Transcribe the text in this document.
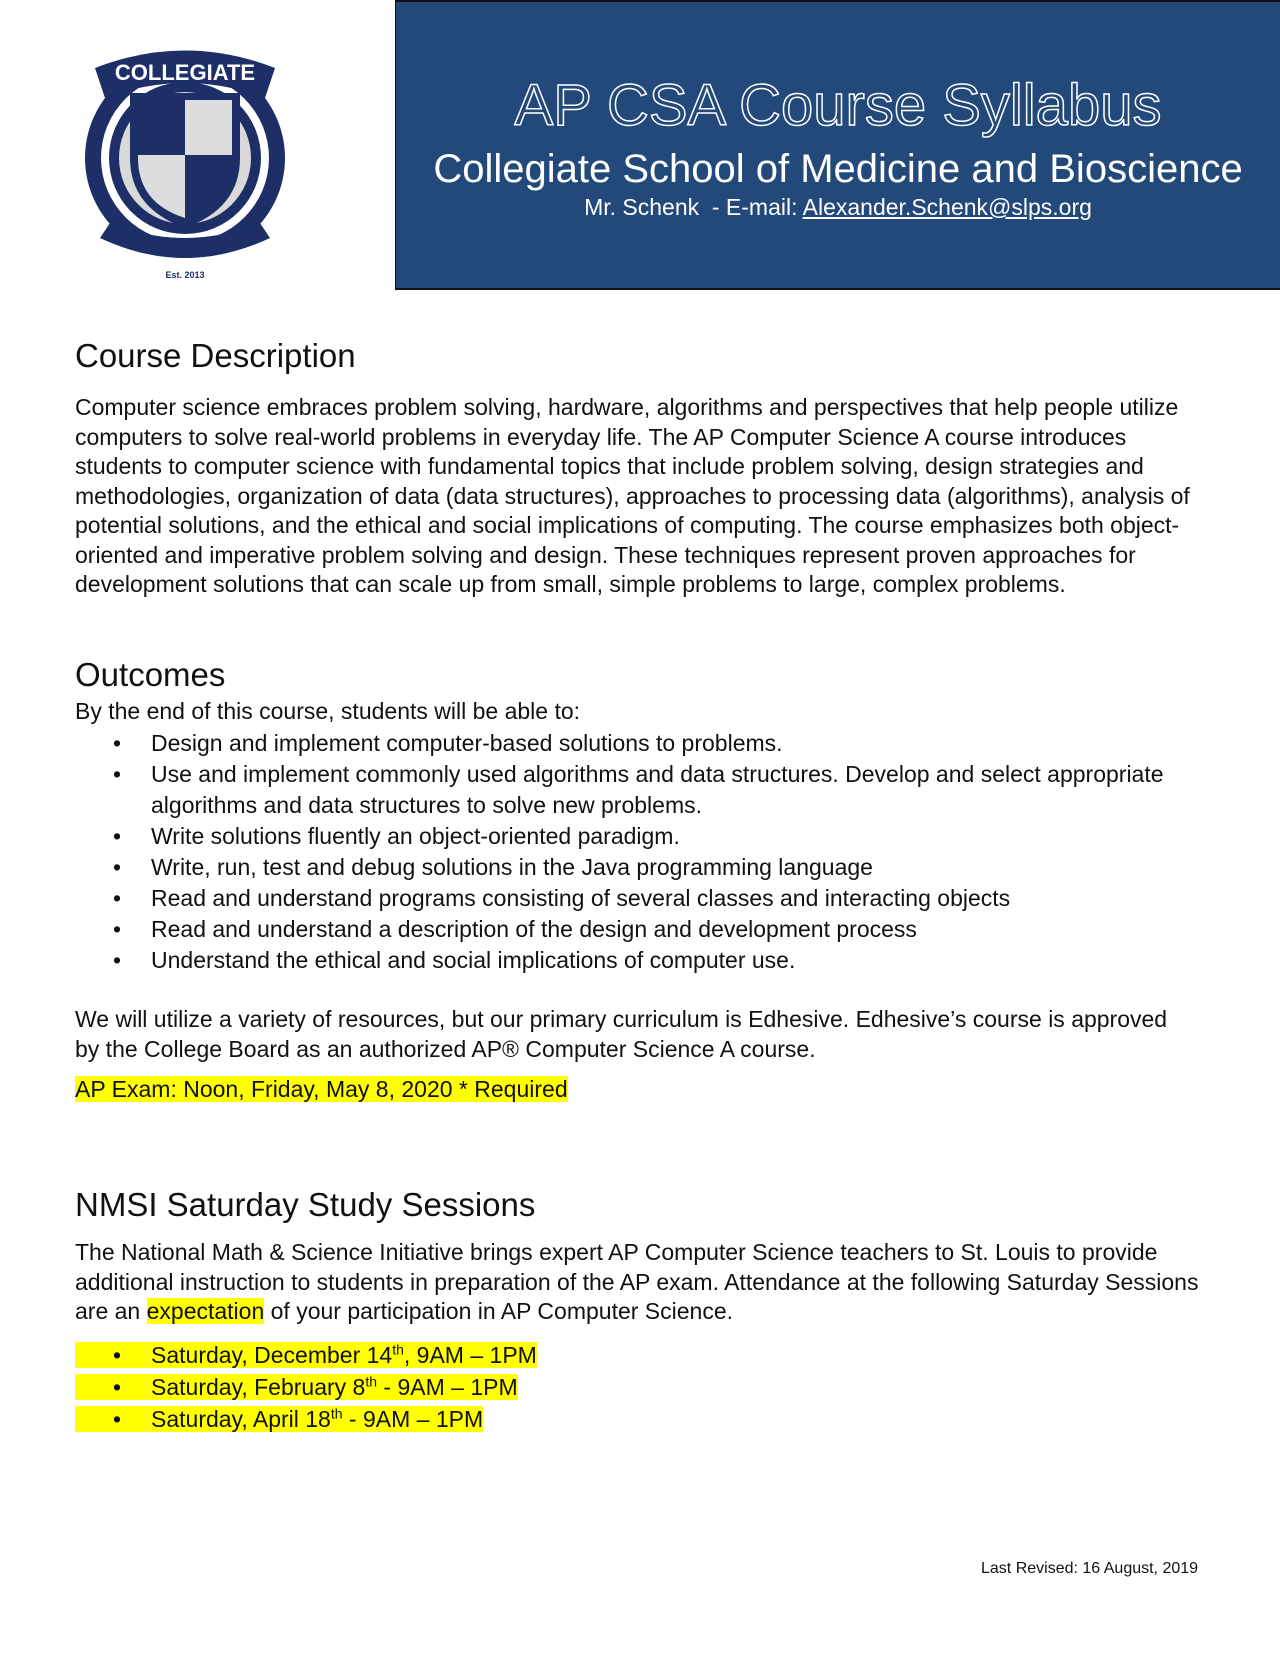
COLLEGIATE
Est. 2013
AP CSA Course Syllabus
Collegiate School of Medicine and Bioscience
Mr. Schenk  - E-mail: Alexander.Schenk@slps.org
Course Description
Computer science embraces problem solving, hardware, algorithms and perspectives that help people utilize computers to solve real-world problems in everyday life. The AP Computer Science A course introduces students to computer science with fundamental topics that include problem solving, design strategies and methodologies, organization of data (data structures), approaches to processing data (algorithms), analysis of potential solutions, and the ethical and social implications of computing. The course emphasizes both object-oriented and imperative problem solving and design. These techniques represent proven approaches for development solutions that can scale up from small, simple problems to large, complex problems.
Outcomes
By the end of this course, students will be able to:
• Design and implement computer-based solutions to problems.
• Use and implement commonly used algorithms and data structures. Develop and select appropriate algorithms and data structures to solve new problems.
• Write solutions fluently an object-oriented paradigm.
• Write, run, test and debug solutions in the Java programming language
• Read and understand programs consisting of several classes and interacting objects
• Read and understand a description of the design and development process
• Understand the ethical and social implications of computer use.
We will utilize a variety of resources, but our primary curriculum is Edhesive. Edhesive’s course is approved by the College Board as an authorized AP® Computer Science A course.
AP Exam: Noon, Friday, May 8, 2020 * Required
NMSI Saturday Study Sessions
The National Math & Science Initiative brings expert AP Computer Science teachers to St. Louis to provide additional instruction to students in preparation of the AP exam. Attendance at the following Saturday Sessions are an expectation of your participation in AP Computer Science.
• Saturday, December 14th, 9AM – 1PM
• Saturday, February 8th - 9AM – 1PM
• Saturday, April 18th - 9AM – 1PM
Last Revised: 16 August, 2019
